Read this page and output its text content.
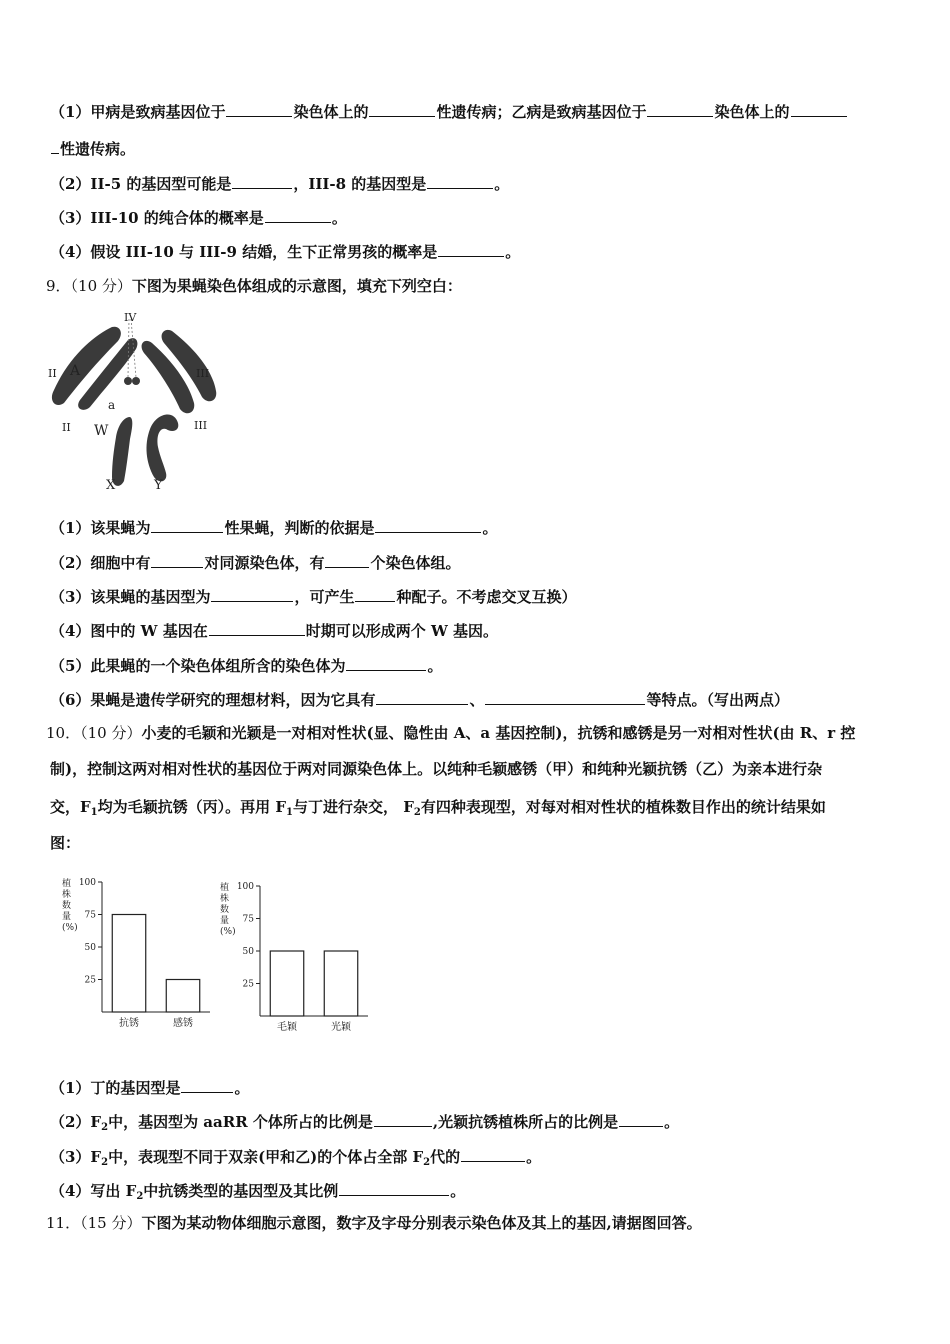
（1）甲病是致病基因位于	染色体上的	性遗传病；乙病是致病基因位于	染色体上的
性遗传病。
（2）II-5 的基因型可能是	，III-8 的基因型是	。
（3）III-10 的纯合体的概率是	。
（4）假设 III-10 与 III-9 结婚，生下正常男孩的概率是	。
9．（10 分）下图为果蝇染色体组成的示意图，填充下列空白：
IV
II	III
II	III
A
a
W
X	Y
（1）该果蝇为	性果蝇，判断的依据是	。
（2）细胞中有	对同源染色体，有	个染色体组。
（3）该果蝇的基因型为	，可产生	种配子。不考虑交叉互换）
（4）图中的 W 基因在	时期可以形成两个 W 基因。
（5）此果蝇的一个染色体组所含的染色体为	。
（6）果蝇是遗传学研究的理想材料，因为它具有	、	等特点。（写出两点）
10．（10 分）小麦的毛颖和光颖是一对相对性状(显、隐性由 A、a 基因控制)，抗锈和感锈是另一对相对性状(由 R、r 控
制)，控制这两对相对性状的基因位于两对同源染色体上。以纯种毛颖感锈（甲）和纯种光颖抗锈（乙）为亲本进行杂
交，$F_1$均为毛颖抗锈（丙）。再用 $F_1$与丁进行杂交， $F_2$有四种表现型，对每对相对性状的植株数目作出的统计结果如
图：
植株数量(%)
25
50
75
100
抗锈	感锈
植株数量(%)
25
50
75
100
毛颖	光颖
（1）丁的基因型是	。
$(2)F_2$中，基因型为 aaRR 个体所占的比例是	,光颖抗锈植株所占的比例是	。
$(3)F_2$中，表现型不同于双亲(甲和乙)的个体占全部 $F_2$代的	。
（4）写出 $F_2$中抗锈类型的基因型及其比例	。
11．（15 分）下图为某动物体细胞示意图，数字及字母分别表示染色体及其上的基因,请据图回答。
